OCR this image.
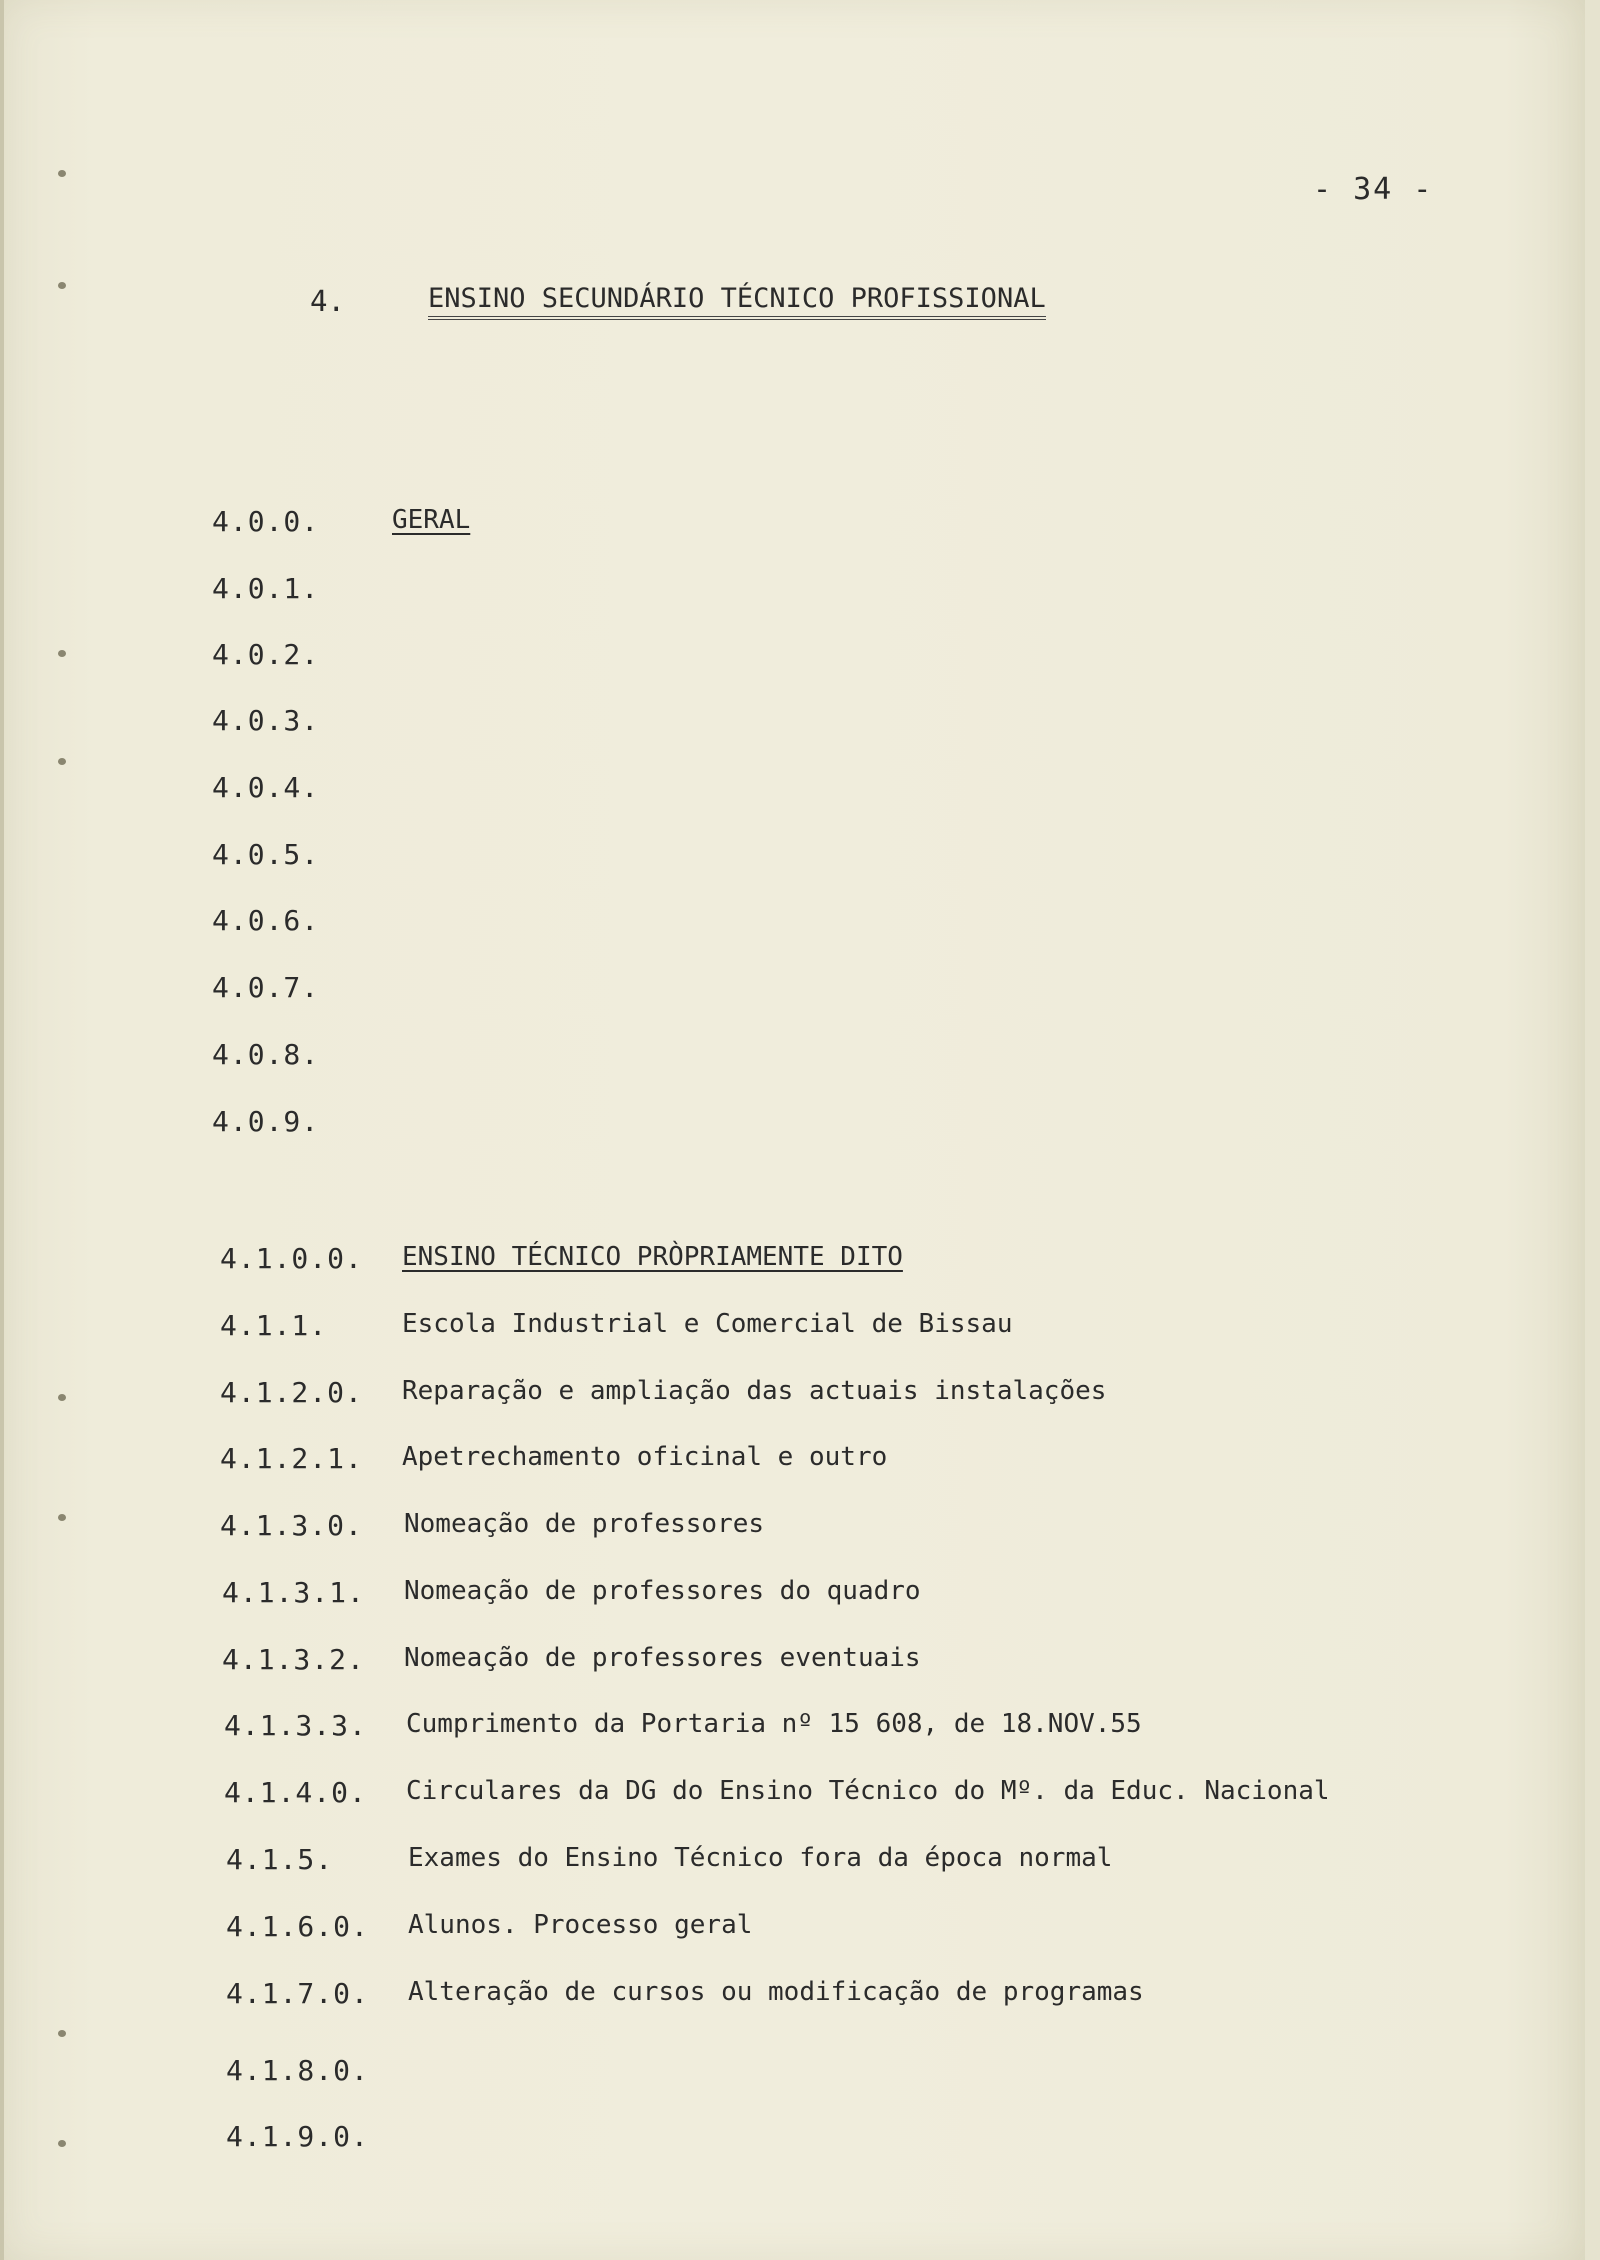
- 34 -
4.	ENSINO SECUNDÁRIO TÉCNICO PROFISSIONAL
4.0.0.	GERAL
4.0.1.
4.0.2.
4.0.3.
4.0.4.
4.0.5.
4.0.6.
4.0.7.
4.0.8.
4.0.9.
4.1.0.0. ENSINO TÉCNICO PRÒPRIAMENTE DITO
4.1.1.	Escola Industrial e Comercial de Bissau
4.1.2.0. Reparação e ampliação das actuais instalações
4.1.2.1. Apetrechamento oficinal e outro
4.1.3.0. Nomeação de professores
4.1.3.1. Nomeação de professores do quadro
4.1.3.2. Nomeação de professores eventuais
4.1.3.3. Cumprimento da Portaria nº 15 608, de 18.NOV.55
4.1.4.0. Circulares da DG do Ensino Técnico do Mº. da Educ. Nacional
4.1.5.	Exames do Ensino Técnico fora da época normal
4.1.6.0. Alunos. Processo geral
4.1.7.0. Alteração de cursos ou modificação de programas
4.1.8.0.
4.1.9.0.
